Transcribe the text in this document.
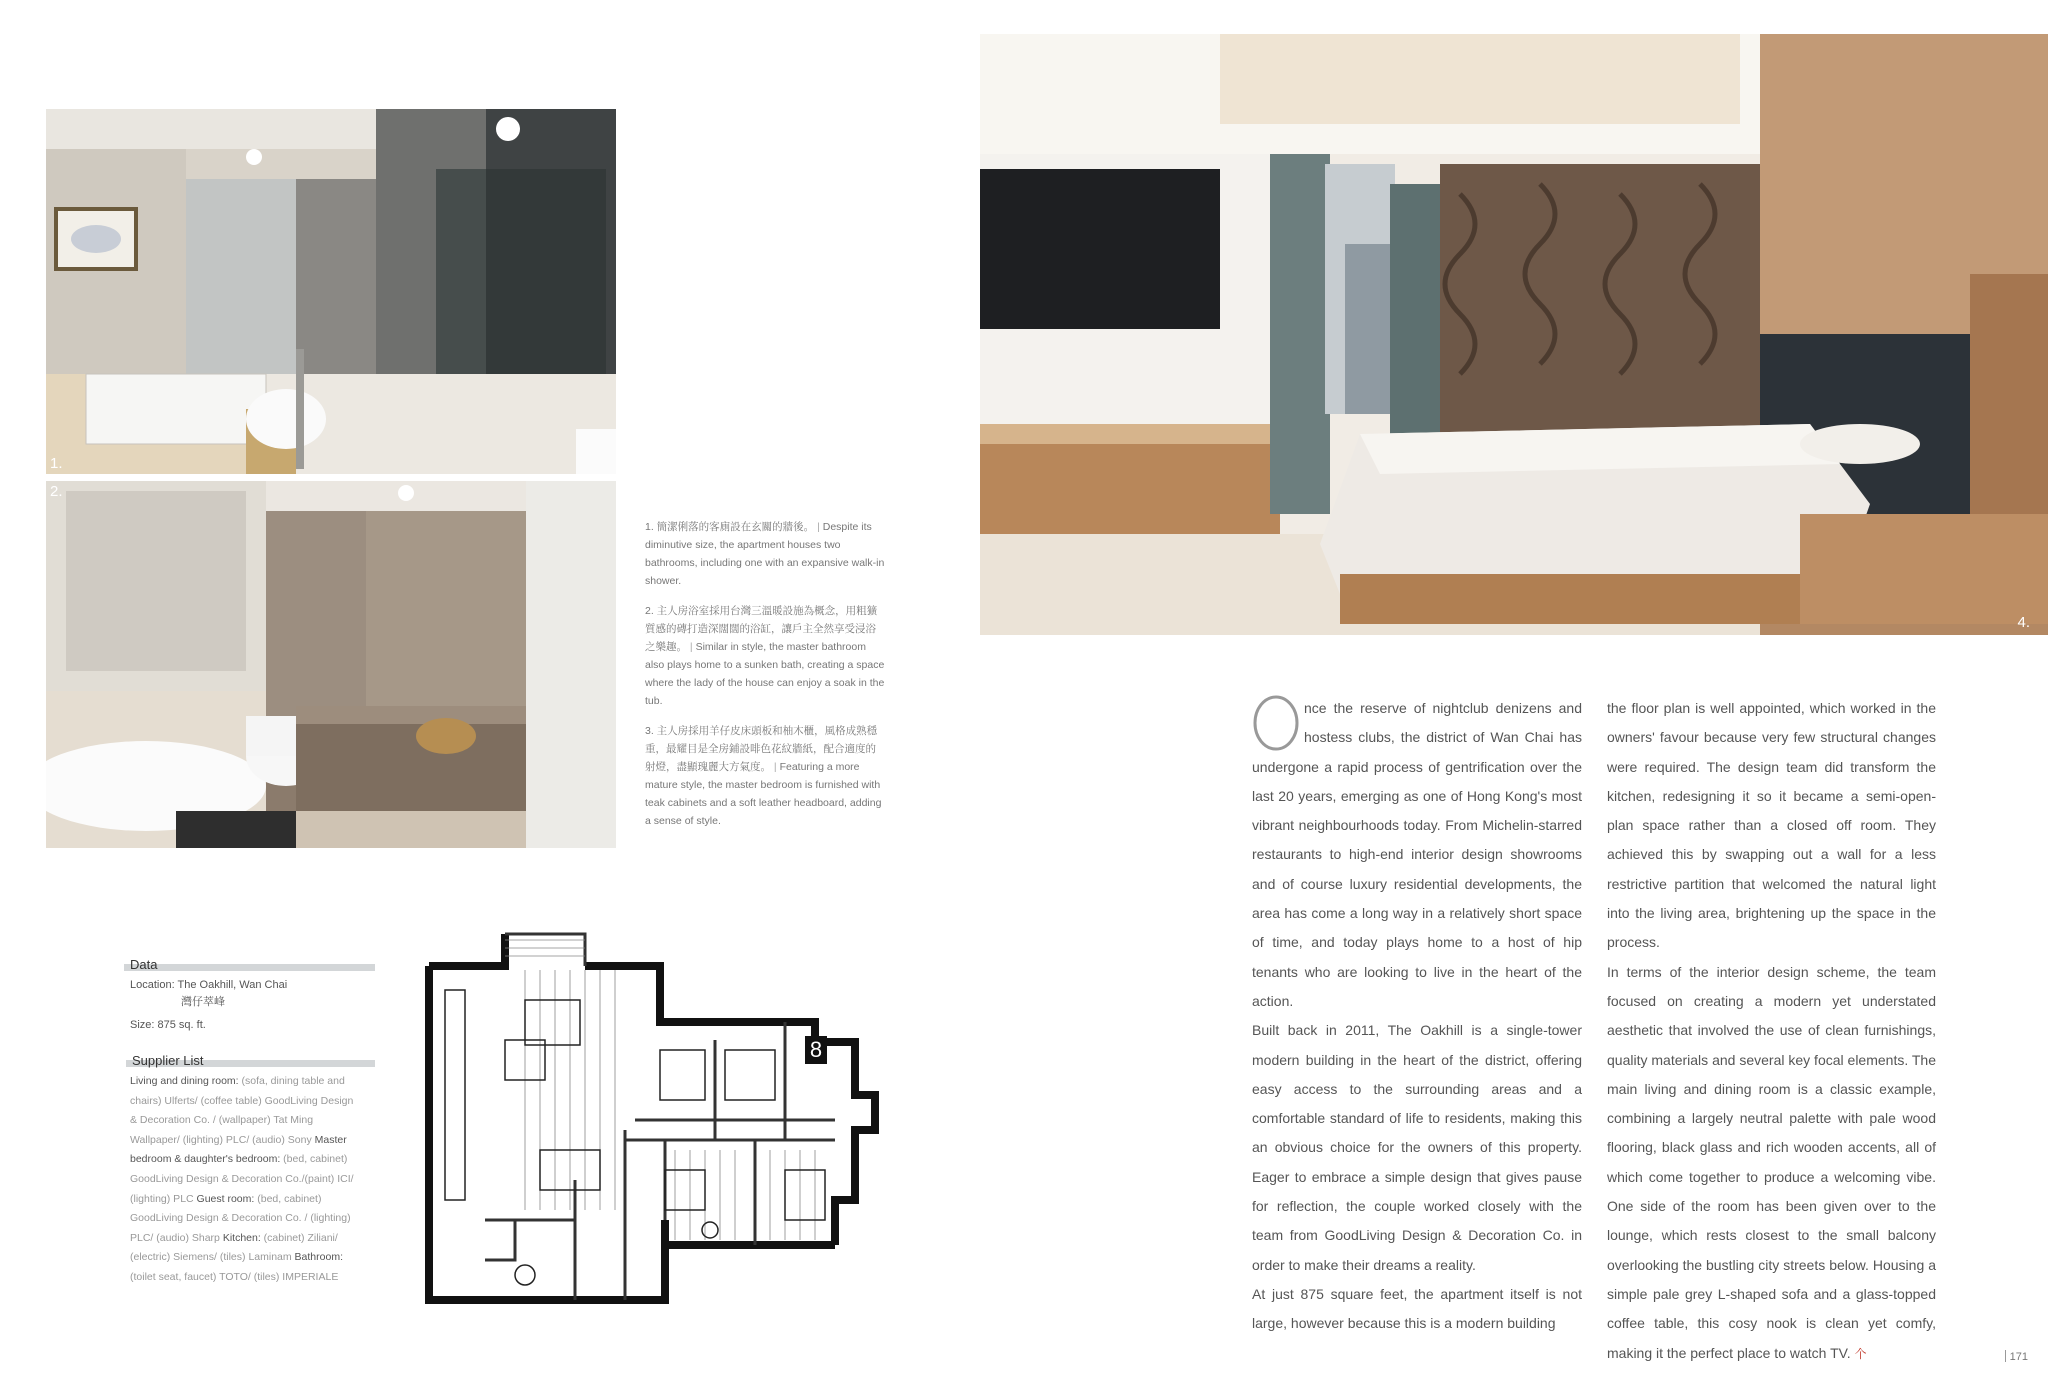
1.
2.
4.

1. 簡潔俐落的客廁設在玄關的牆後。 | Despite its diminutive size, the apartment houses two bathrooms, including one with an expansive walk-in shower.

2. 主人房浴室採用台灣三溫暖設施為概念，用粗獷質感的磚打造深闊闊的浴缸，讓戶主全然享受浸浴之樂趣。 | Similar in style, the master bathroom also plays home to a sunken bath, creating a space where the lady of the house can enjoy a soak in the tub.

3. 主人房採用羊仔皮床頭板和柚木櫃，風格成熟穩重，最耀目是全房鋪設啡色花紋牆紙，配合適度的射燈，盡顯瑰麗大方氣度。 | Featuring a more mature style, the master bedroom is furnished with teak cabinets and a soft leather headboard, adding a sense of style.

Data
Location: The Oakhill, Wan Chai
灣仔萃峰
Size: 875 sq. ft.
Supplier List
Living and dining room: (sofa, dining table and chairs) Ulferts/ (coffee table) GoodLiving Design & Decoration Co. / (wallpaper) Tat Ming Wallpaper/ (lighting) PLC/ (audio) Sony Master bedroom & daughter's bedroom: (bed, cabinet) GoodLiving Design & Decoration Co./(paint) ICI/ (lighting) PLC Guest room: (bed, cabinet) GoodLiving Design & Decoration Co. / (lighting) PLC/ (audio) Sharp Kitchen: (cabinet) Ziliani/ (electric) Siemens/ (tiles) Laminam Bathroom: (toilet seat, faucet) TOTO/ (tiles) IMPERIALE
8

nce the reserve of nightclub denizens and hostess clubs, the district of Wan Chai has undergone a rapid process of gentrification over the last 20 years, emerging as one of Hong Kong's most vibrant neighbourhoods today. From Michelin-starred restaurants to high-end interior design showrooms and of course luxury residential developments, the area has come a long way in a relatively short space of time, and today plays home to a host of hip tenants who are looking to live in the heart of the action.

Built back in 2011, The Oakhill is a single-tower modern building in the heart of the district, offering easy access to the surrounding areas and a comfortable standard of life to residents, making this an obvious choice for the owners of this property. Eager to embrace a simple design that gives pause for reflection, the couple worked closely with the team from GoodLiving Design & Decoration Co. in order to make their dreams a reality.

At just 875 square feet, the apartment itself is not large, however because this is a modern building

the floor plan is well appointed, which worked in the owners' favour because very few structural changes were required. The design team did transform the kitchen, redesigning it so it became a semi-open-plan space rather than a closed off room. They achieved this by swapping out a wall for a less restrictive partition that welcomed the natural light into the living area, brightening up the space in the process.

In terms of the interior design scheme, the team focused on creating a modern yet understated aesthetic that involved the use of clean furnishings, quality materials and several key focal elements. The main living and dining room is a classic example, combining a largely neutral palette with pale wood flooring, black glass and rich wooden accents, all of which come together to produce a welcoming vibe. One side of the room has been given over to the lounge, which rests closest to the small balcony overlooking the bustling city streets below. Housing a simple pale grey L-shaped sofa and a glass-topped coffee table, this cosy nook is clean yet comfy, making it the perfect place to watch TV. 个	171
